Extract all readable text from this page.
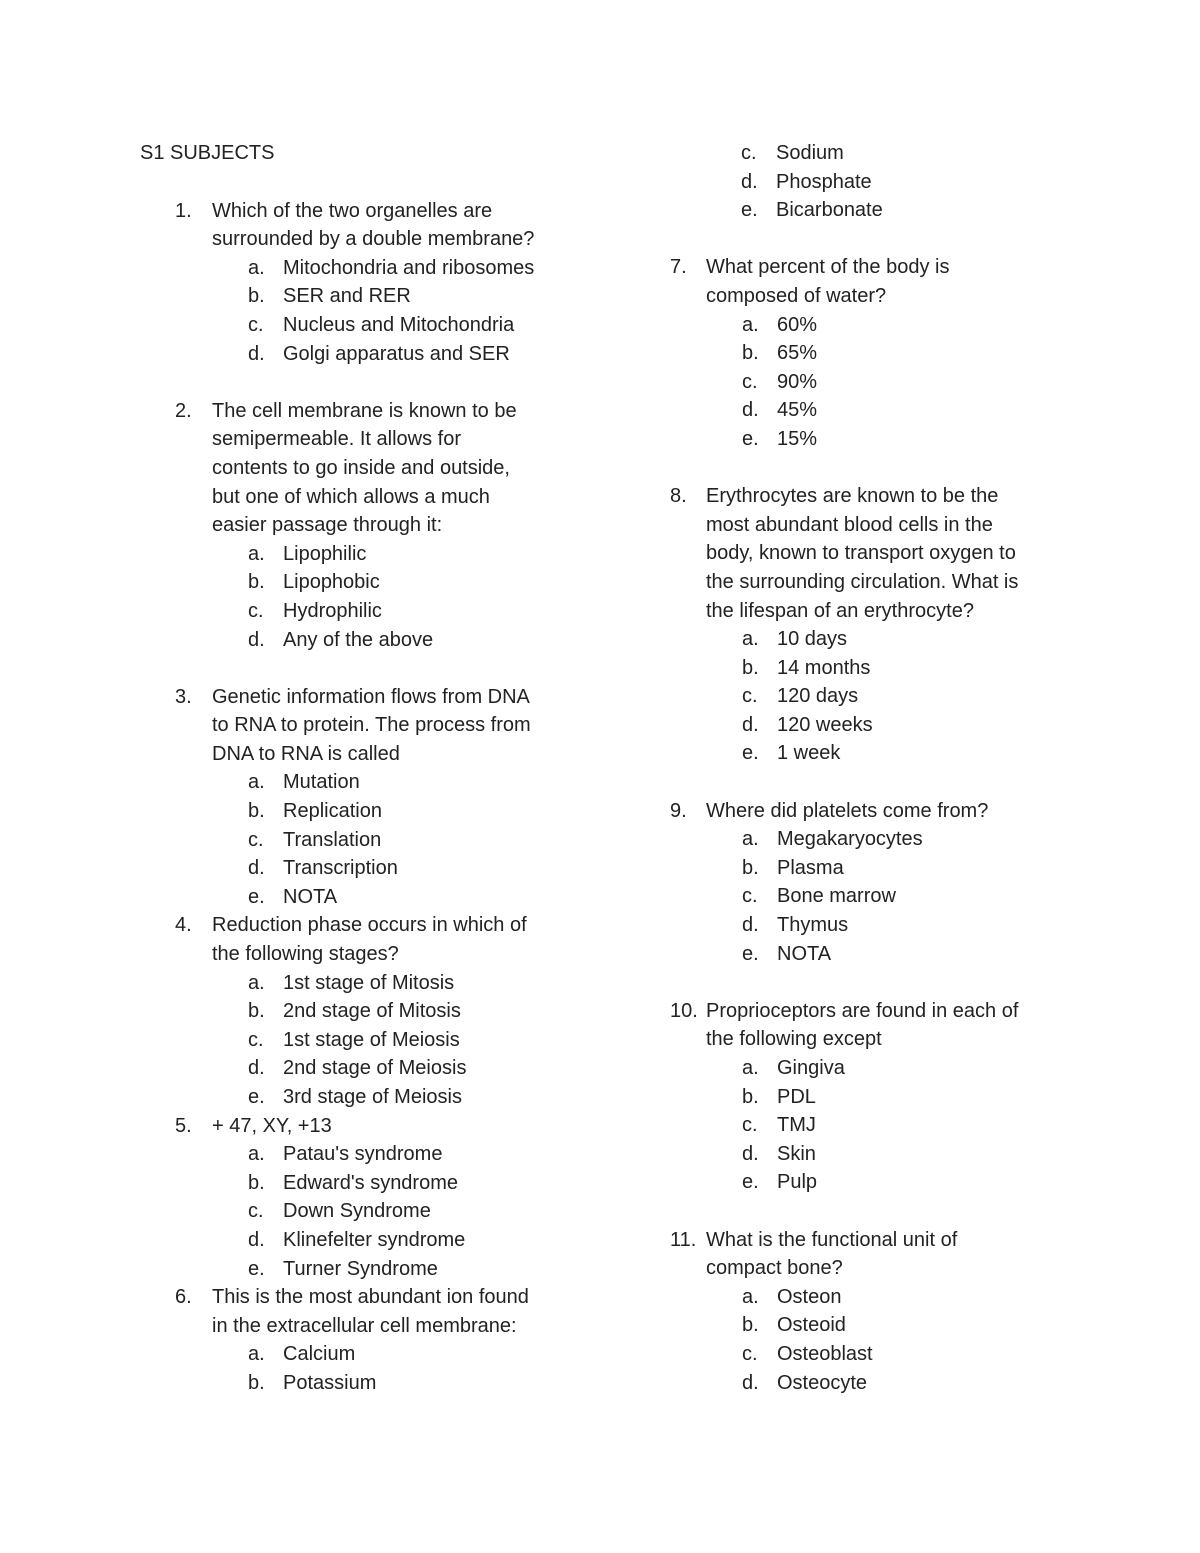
S1 SUBJECTS
1. Which of the two organelles are
surrounded by a double membrane?
a. Mitochondria and ribosomes
b. SER and RER
c. Nucleus and Mitochondria
d. Golgi apparatus and SER
2. The cell membrane is known to be
semipermeable. It allows for
contents to go inside and outside,
but one of which allows a much
easier passage through it:
a. Lipophilic
b. Lipophobic
c. Hydrophilic
d. Any of the above
3. Genetic information flows from DNA
to RNA to protein. The process from
DNA to RNA is called
a. Mutation
b. Replication
c. Translation
d. Transcription
e. NOTA
4. Reduction phase occurs in which of
the following stages?
a. 1st stage of Mitosis
b. 2nd stage of Mitosis
c. 1st stage of Meiosis
d. 2nd stage of Meiosis
e. 3rd stage of Meiosis
5. + 47, XY, +13
a. Patau's syndrome
b. Edward's syndrome
c. Down Syndrome
d. Klinefelter syndrome
e. Turner Syndrome
6. This is the most abundant ion found
in the extracellular cell membrane:
a. Calcium
b. Potassium
c. Sodium
d. Phosphate
e. Bicarbonate
7. What percent of the body is
composed of water?
a. 60%
b. 65%
c. 90%
d. 45%
e. 15%
8. Erythrocytes are known to be the
most abundant blood cells in the
body, known to transport oxygen to
the surrounding circulation. What is
the lifespan of an erythrocyte?
a. 10 days
b. 14 months
c. 120 days
d. 120 weeks
e. 1 week
9. Where did platelets come from?
a. Megakaryocytes
b. Plasma
c. Bone marrow
d. Thymus
e. NOTA
10. Proprioceptors are found in each of
the following except
a. Gingiva
b. PDL
c. TMJ
d. Skin
e. Pulp
11. What is the functional unit of
compact bone?
a. Osteon
b. Osteoid
c. Osteoblast
d. Osteocyte
